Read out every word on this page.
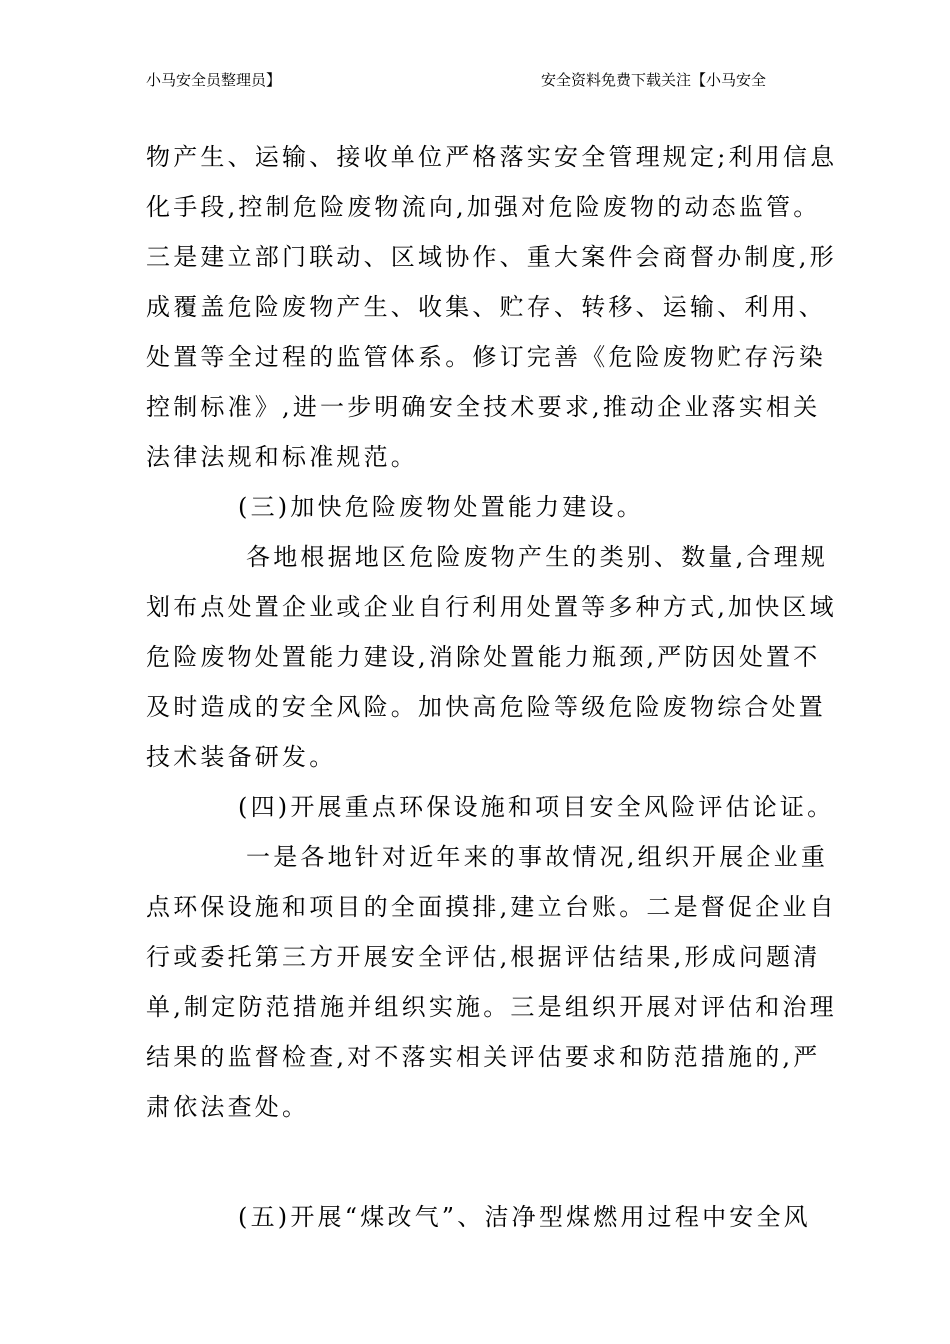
小马安全员整理员】	安全资料免费下载关注【小马安全
物产生、运输、接收单位严格落实安全管理规定;利用信息
化手段,控制危险废物流向,加强对危险废物的动态监管。
三是建立部门联动、区域协作、重大案件会商督办制度,形
成覆盖危险废物产生、收集、贮存、转移、运输、利用、
处置等全过程的监管体系。修订完善《危险废物贮存污染
控制标准》,进一步明确安全技术要求,推动企业落实相关
法律法规和标准规范。
(三)加快危险废物处置能力建设。
各地根据地区危险废物产生的类别、数量,合理规
划布点处置企业或企业自行利用处置等多种方式,加快区域
危险废物处置能力建设,消除处置能力瓶颈,严防因处置不
及时造成的安全风险。加快高危险等级危险废物综合处置
技术装备研发。
(四)开展重点环保设施和项目安全风险评估论证。
一是各地针对近年来的事故情况,组织开展企业重
点环保设施和项目的全面摸排,建立台账。二是督促企业自
行或委托第三方开展安全评估,根据评估结果,形成问题清
单,制定防范措施并组织实施。三是组织开展对评估和治理
结果的监督检查,对不落实相关评估要求和防范措施的,严
肃依法查处。
(五)开展“煤改气”、洁净型煤燃用过程中安全风
